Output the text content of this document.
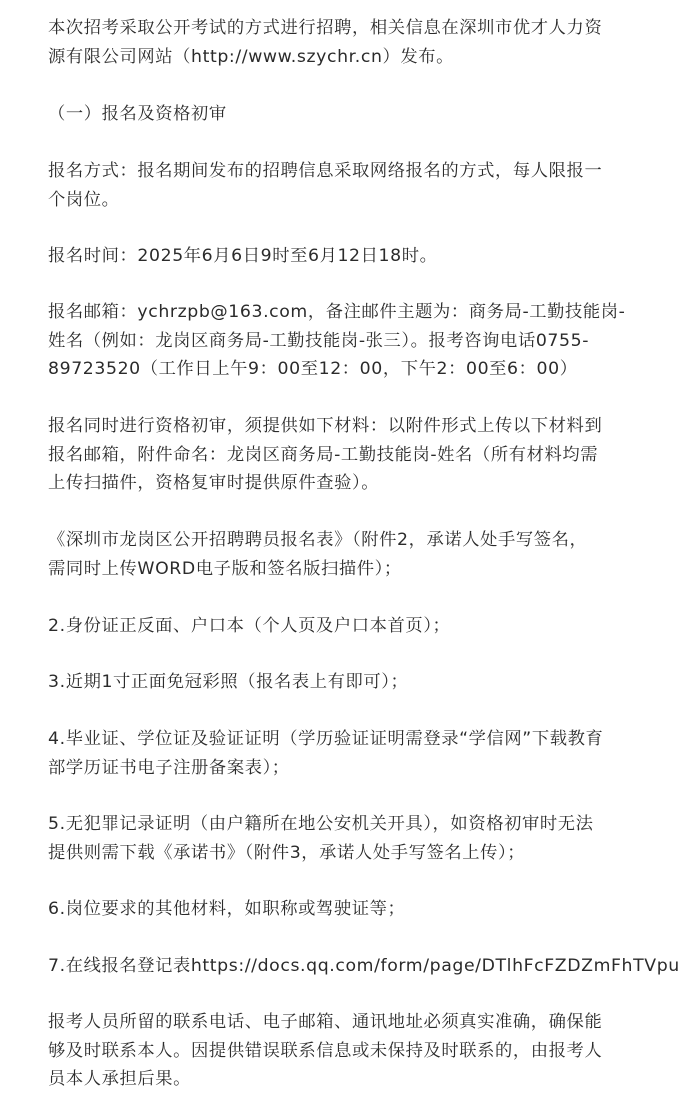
本次招考采取公开考试的方式进行招聘，相关信息在深圳市优才人力资
源有限公司网站（http://www.szychr.cn）发布。

（一）报名及资格初审

报名方式：报名期间发布的招聘信息采取网络报名的方式，每人限报一
个岗位。

报名时间：2025年6月6日9时至6月12日18时。

报名邮箱：ychrzpb@163.com，备注邮件主题为：商务局-工勤技能岗-
姓名（例如：龙岗区商务局-工勤技能岗-张三）。报考咨询电话0755-
89723520（工作日上午9：00至12：00，下午2：00至6：00）

报名同时进行资格初审，须提供如下材料：以附件形式上传以下材料到
报名邮箱，附件命名：龙岗区商务局-工勤技能岗-姓名（所有材料均需
上传扫描件，资格复审时提供原件查验）。

《深圳市龙岗区公开招聘聘员报名表》（附件2，承诺人处手写签名，
需同时上传WORD电子版和签名版扫描件）；

2.身份证正反面、户口本（个人页及户口本首页）；

3.近期1寸正面免冠彩照（报名表上有即可）；

4.毕业证、学位证及验证证明（学历验证证明需登录“学信网”下载教育
部学历证书电子注册备案表）；

5.无犯罪记录证明（由户籍所在地公安机关开具），如资格初审时无法
提供则需下载《承诺书》（附件3，承诺人处手写签名上传）；

6.岗位要求的其他材料，如职称或驾驶证等；

7.在线报名登记表https://docs.qq.com/form/page/DTlhFcFZDZmFhTVpu

报考人员所留的联系电话、电子邮箱、通讯地址必须真实准确，确保能
够及时联系本人。因提供错误联系信息或未保持及时联系的，由报考人
员本人承担后果。
